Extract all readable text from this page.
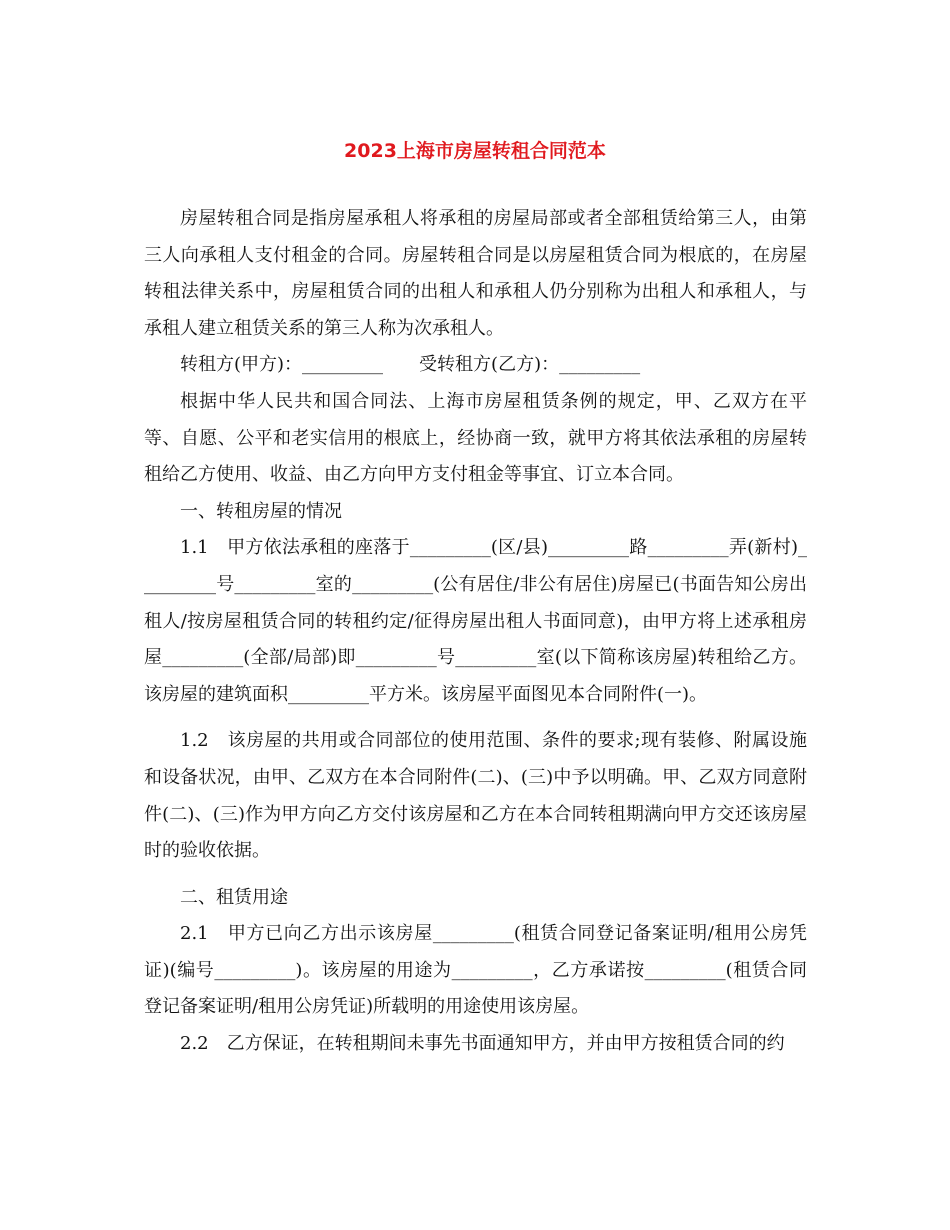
2023上海市房屋转租合同范本

房屋转租合同是指房屋承租人将承租的房屋局部或者全部租赁给第三人，由第三人向承租人支付租金的合同。房屋转租合同是以房屋租赁合同为根底的，在房屋转租法律关系中，房屋租赁合同的出租人和承租人仍分别称为出租人和承租人，与承租人建立租赁关系的第三人称为次承租人。

转租方(甲方)：_________　　受转租方(乙方)：_________

根据中华人民共和国合同法、上海市房屋租赁条例的规定，甲、乙双方在平等、自愿、公平和老实信用的根底上，经协商一致，就甲方将其依法承租的房屋转租给乙方使用、收益、由乙方向甲方支付租金等事宜、订立本合同。

一、转租房屋的情况

1.1　甲方依法承租的座落于_________(区/县)_________路_________弄(新村)_________号_________室的_________(公有居住/非公有居住)房屋已(书面告知公房出租人/按房屋租赁合同的转租约定/征得房屋出租人书面同意)，由甲方将上述承租房屋_________(全部/局部)即_________号_________室(以下简称该房屋)转租给乙方。该房屋的建筑面积_________平方米。该房屋平面图见本合同附件(一)。

1.2　该房屋的共用或合同部位的使用范围、条件的要求;现有装修、附属设施和设备状况，由甲、乙双方在本合同附件(二)、(三)中予以明确。甲、乙双方同意附件(二)、(三)作为甲方向乙方交付该房屋和乙方在本合同转租期满向甲方交还该房屋时的验收依据。

二、租赁用途

2.1　甲方已向乙方出示该房屋_________(租赁合同登记备案证明/租用公房凭证)(编号_________)。该房屋的用途为_________，乙方承诺按_________(租赁合同登记备案证明/租用公房凭证)所载明的用途使用该房屋。

2.2　乙方保证，在转租期间未事先书面通知甲方，并由甲方按租赁合同的约
